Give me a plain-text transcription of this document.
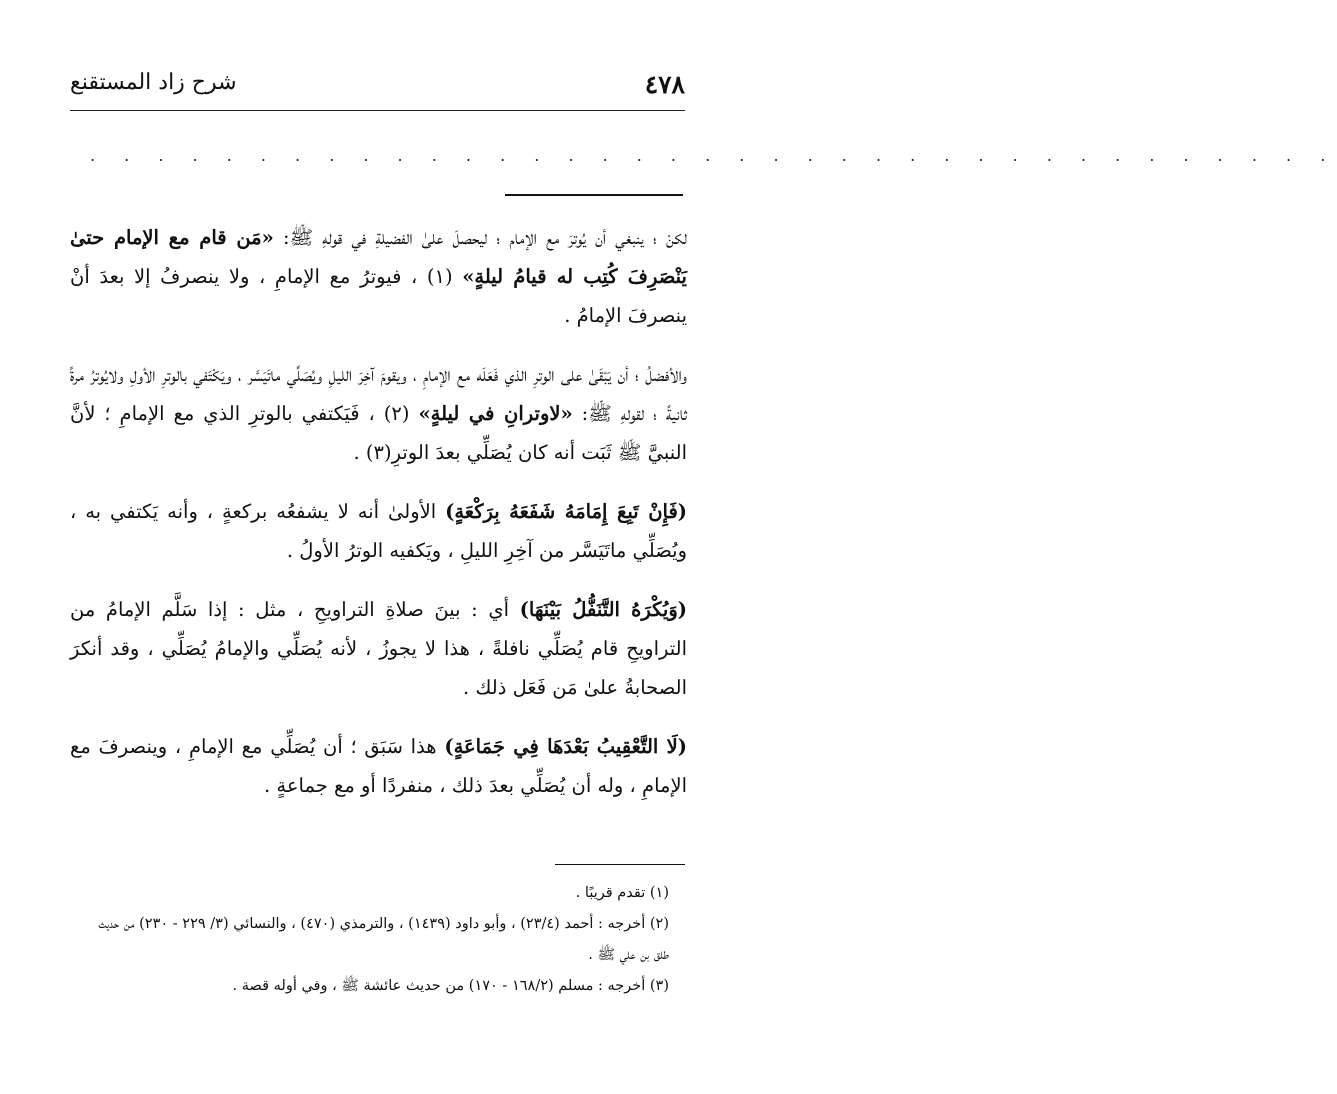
٤٧٨
شرح زاد المستقنع
. . . . . . . . . . . . . . . . . . . . . . . . . . . . . . . . . . . . .

لكنْ ؛ ينبغي أن يُوترَ مع الإمام ؛ ليحصلَ علىٰ الفضيلةِ في قولهِ ﷺ: «مَن قام مع الإمام حتىٰ يَنْصَرِفَ كُتِب له قيامُ ليلةٍ» (١) ، فيوترُ مع الإمامِ ، ولا ينصرفُ إلا بعدَ أنْ ينصرفَ الإمامُ .

والأفضلُ ؛ أن يَبْقَىٰ على الوترِ الذي فَعَلَه مع الإمامِ ، ويقومَ آخِرَ الليلِ ويُصَلِّي ماتَيَسَّر ، ويَكْتَفي بالوترِ الأولِ ولايُوترُ مرةً ثانيةً ؛ لقولهِ ﷺ: «لاوترانِ في ليلةٍ» (٢) ، فَيَكتفي بالوترِ الذي مع الإمامِ ؛ لأنَّ النبيَّ ﷺ ثَبَت أنه كان يُصَلِّي بعدَ الوترِ(٣) .

(فَإِنْ تَبِعَ إِمَامَهُ شَفَعَهُ بِرَكْعَةٍ) الأولىٰ أنه لا يشفعُه بركعةٍ ، وأنه يَكتفي به ، ويُصَلِّي ماتَيَسَّر من آخِرِ الليلِ ، ويَكفيه الوترُ الأولُ .

(وَيُكْرَهُ التَّنَفُّلُ بَيْنَهَا) أي : بينَ صلاةِ التراويحِ ، مثل : إذا سَلَّم الإمامُ من التراويحِ قام يُصَلِّي نافلةً ، هذا لا يجوزُ ، لأنه يُصَلِّي والإمامُ يُصَلِّي ، وقد أنكرَ الصحابةُ علىٰ مَن فَعَل ذلك .

(لَا التَّعْقِيبُ بَعْدَهَا فِي جَمَاعَةٍ) هذا سَبَق ؛ أن يُصَلِّي مع الإمامِ ، وينصرفَ مع الإمامِ ، وله أن يُصَلِّي بعدَ ذلك ، منفردًا أو مع جماعةٍ .

(١) تقدم قريبًا .

(٢) أخرجه : أحمد (٢٣/٤) ، وأبو داود (١٤٣٩) ، والترمذي (٤٧٠) ، والنسائي (٣/ ٢٢٩ - ٢٣٠) من حديث طلق بن علي ﷺ .

(٣) أخرجه : مسلم (١٦٨/٢ - ١٧٠) من حديث عائشة ﷺ ، وفي أوله قصة .
